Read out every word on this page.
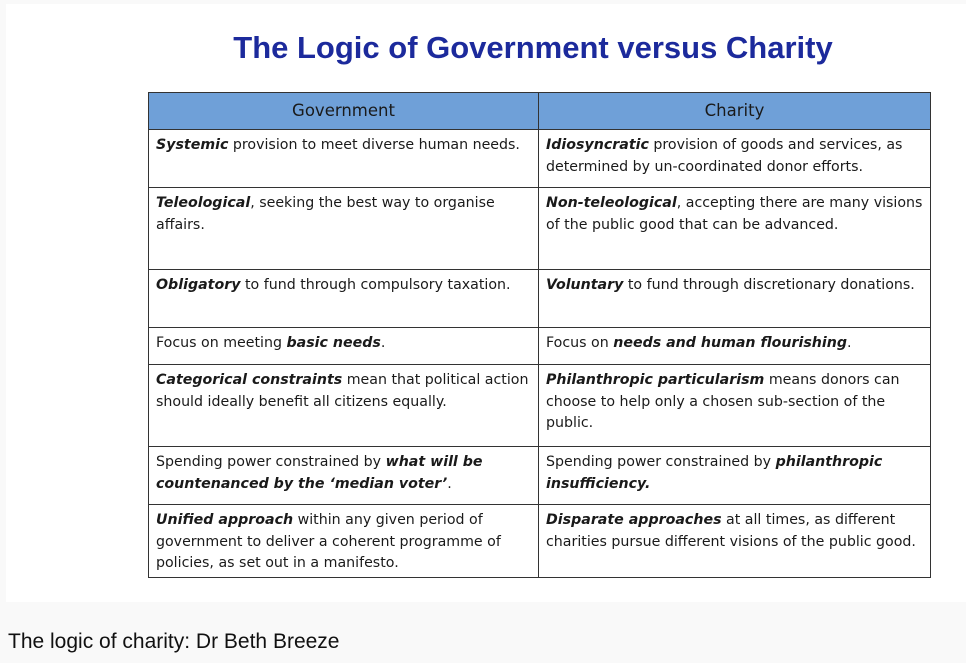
The Logic of Government versus Charity
Government	Charity
Systemic provision to meet diverse human needs.	Idiosyncratic provision of goods and services, as determined by un-coordinated donor efforts.
Teleological, seeking the best way to organise affairs.	Non-teleological, accepting there are many visions of the public good that can be advanced.
Obligatory to fund through compulsory taxation.	Voluntary to fund through discretionary donations.
Focus on meeting basic needs.	Focus on needs and human flourishing.
Categorical constraints mean that political action should ideally benefit all citizens equally.	Philanthropic particularism means donors can choose to help only a chosen sub-section of the public.
Spending power constrained by what will be countenanced by the ‘median voter’.	Spending power constrained by philanthropic insufficiency.
Unified approach within any given period of government to deliver a coherent programme of policies, as set out in a manifesto.	Disparate approaches at all times, as different charities pursue different visions of the public good.
The logic of charity: Dr Beth Breeze
